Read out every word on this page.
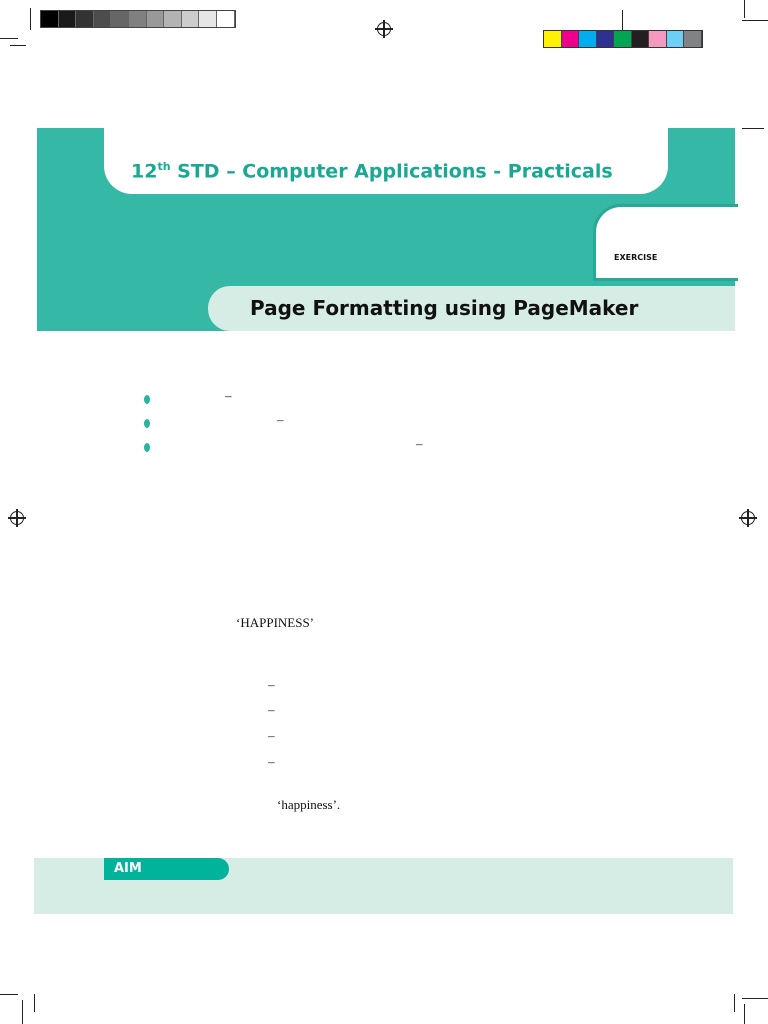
12th STD – Computer Applications - Practicals
EXERCISE
Page Formatting using PageMaker
–
–
–
‘HAPPINESS’
–
–
–
–
‘happiness’.
AIM
